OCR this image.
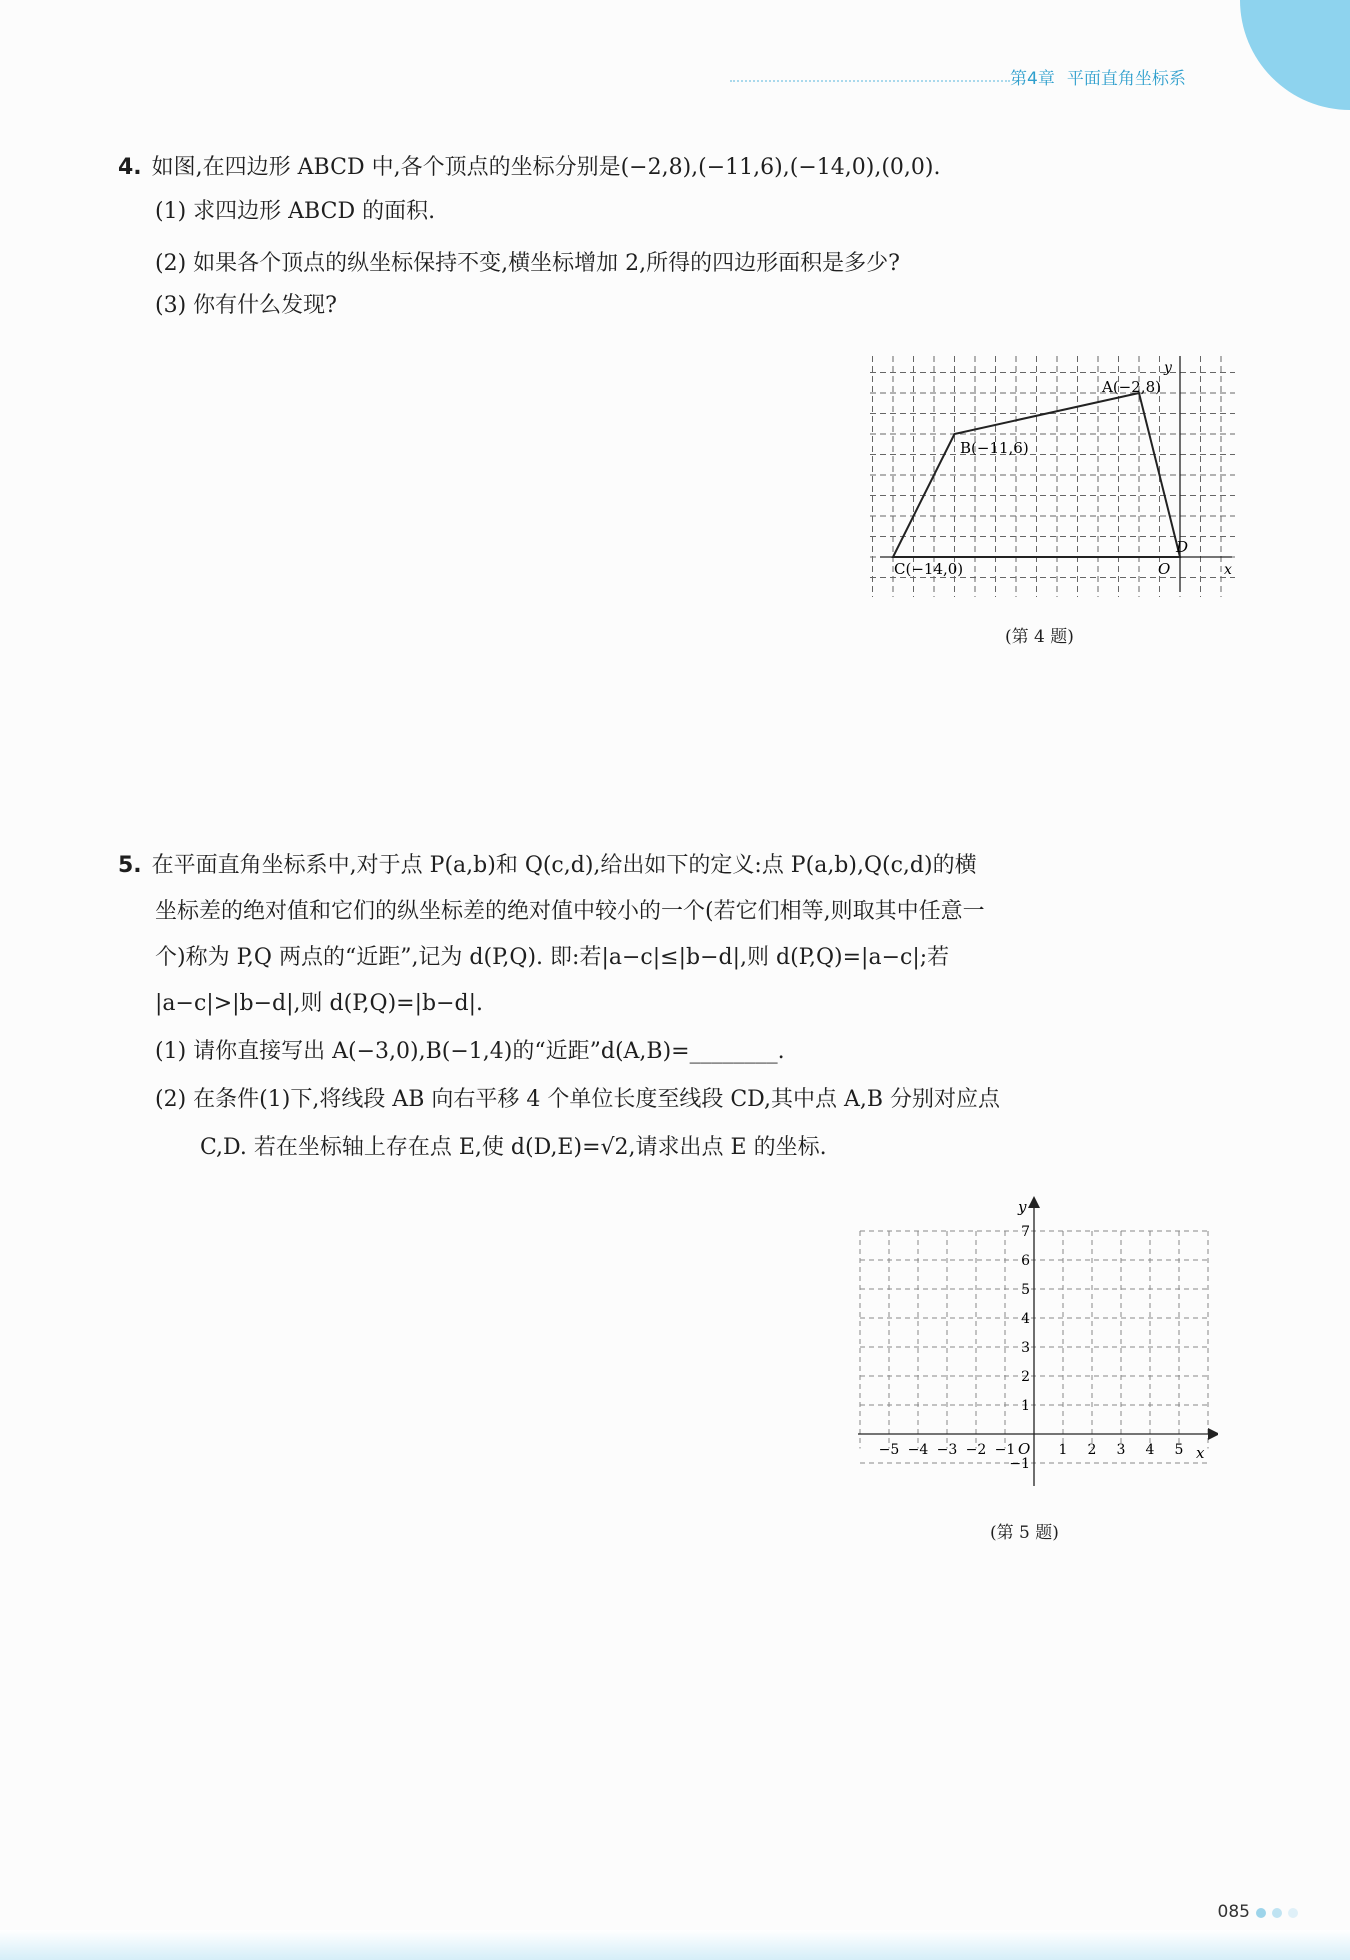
第4章 平面直角坐标系
4. 如图,在四边形 ABCD 中,各个顶点的坐标分别是(−2,8),(−11,6),(−14,0),(0,0).
(1) 求四边形 ABCD 的面积.
(2) 如果各个顶点的纵坐标保持不变,横坐标增加 2,所得的四边形面积是多少?
(3) 你有什么发现?
x
y
A(−2,8)
B(−11,6)
C(−14,0)
D
O
(第 4 题)
5. 在平面直角坐标系中,对于点 P(a,b)和 Q(c,d),给出如下的定义:点 P(a,b),Q(c,d)的横
坐标差的绝对值和它们的纵坐标差的绝对值中较小的一个(若它们相等,则取其中任意一
个)称为 P,Q 两点的“近距”,记为 d(P,Q). 即:若|a−c|≤|b−d|,则 d(P,Q)=|a−c|;若
|a−c|>|b−d|,则 d(P,Q)=|b−d|.
(1) 请你直接写出 A(−3,0),B(−1,4)的“近距”d(A,B)=________.
(2) 在条件(1)下,将线段 AB 向右平移 4 个单位长度至线段 CD,其中点 A,B 分别对应点
C,D. 若在坐标轴上存在点 E,使 d(D,E)=√2,请求出点 E 的坐标.
x
y
O
−5 −4 −3 −2 −1	1 2 3 4 5
7
6
5
4
3
2
1
−1
(第 5 题)
085
